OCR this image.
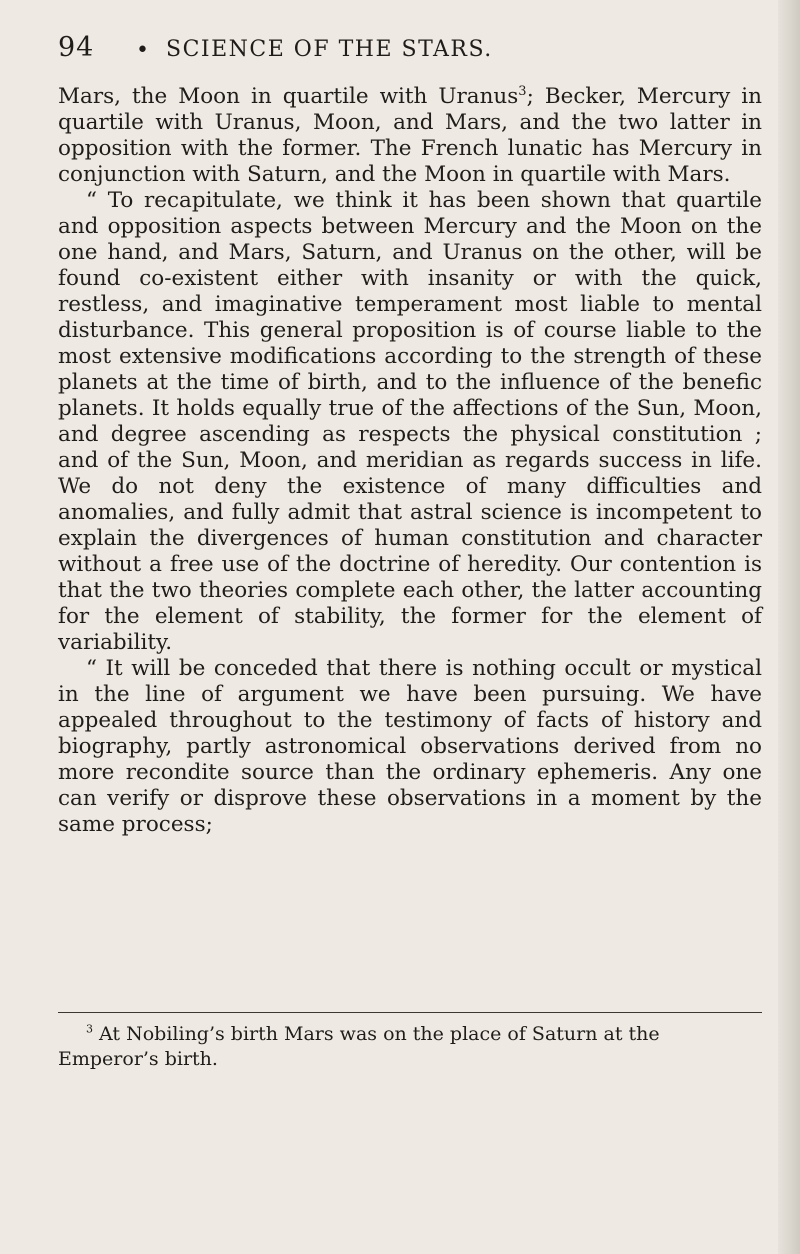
94 • SCIENCE OF THE STARS.

Mars, the Moon in quartile with Uranus$^3$; Becker, Mercury in quartile with Uranus, Moon, and Mars, and the two latter in opposition with the former. The French lunatic has Mercury in conjunction with Saturn, and the Moon in quartile with Mars.

“ To recapitulate, we think it has been shown that quartile and opposition aspects between Mercury and the Moon on the one hand, and Mars, Saturn, and Uranus on the other, will be found co-existent either with insanity or with the quick, restless, and imaginative temperament most liable to mental disturbance. This general proposition is of course liable to the most extensive modifications according to the strength of these planets at the time of birth, and to the influence of the benefic planets. It holds equally true of the affections of the Sun, Moon, and degree ascending as respects the physical constitution ; and of the Sun, Moon, and meridian as regards success in life. We do not deny the existence of many difficulties and anomalies, and fully admit that astral science is incompetent to explain the divergences of human constitution and character without a free use of the doctrine of heredity. Our contention is that the two theories complete each other, the latter accounting for the element of stability, the former for the element of variability.

“ It will be conceded that there is nothing occult or mystical in the line of argument we have been pursuing. We have appealed throughout to the testimony of facts of history and biography, partly astronomical observations derived from no more recondite source than the ordinary ephemeris. Any one can verify or disprove these observations in a moment by the same process;

$^3$ At Nobiling’s birth Mars was on the place of Saturn at the Emperor’s birth.
